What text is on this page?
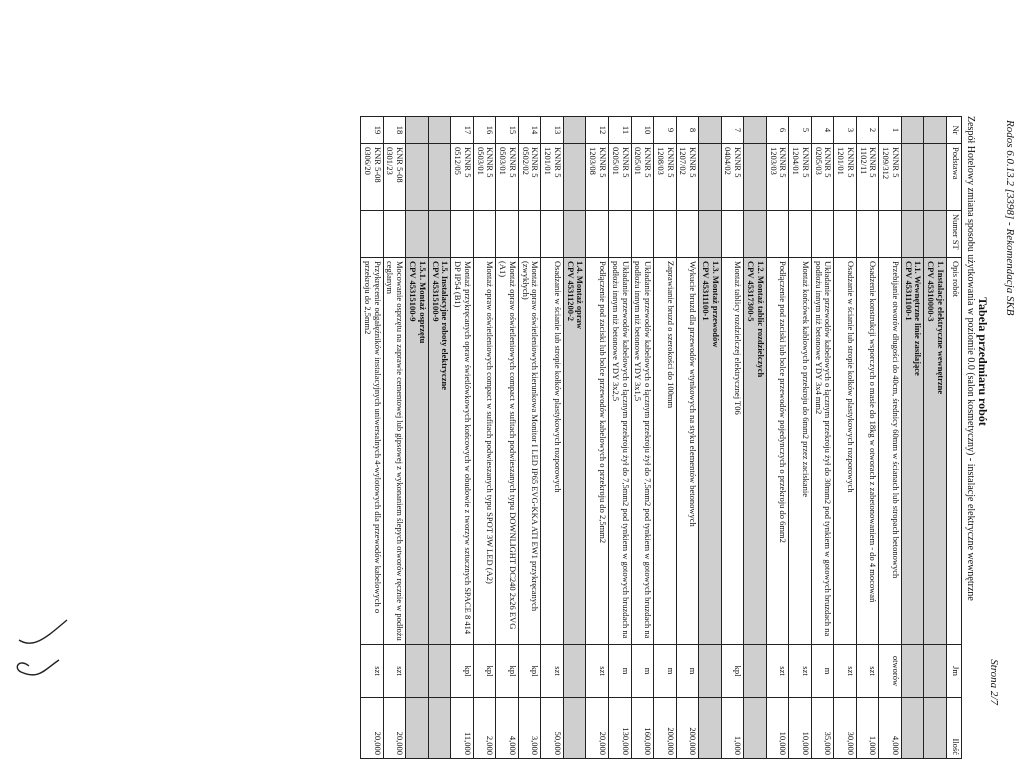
Rodos 6.0.13.2 [3398] - Rekomendacja SKB
Strona 2/7
Tabela przedmiaru robót
Zespół Hotelowy zmiana sposobu użytkowania w poziomie 0.0 (salon kosmetyczny) - instalacje elektryczne wewnętrzne
Nr	Podstawa	Numer ST	Opis robót	Jm	Ilość
			1. Instalacje elektryczne wewnętrzne
CPV 45310000-3		
			1.1. Wewnętrzne linie zasilające
CPV 45311100-1		
1	KNNR 5
1209/312		Przebijanie otworów długości do 40cm, średnicy 60mm w ścianach lub stropach betonowych	otworów	4,000
2	KNNR 5
1102/11		Osadzenie konstrukcji wsporczych o masie do 18kg w otworach z zabetonowaniem - do 4 mocowań	szt	1,000
3	KNNR 5
1201/01		Osadzanie w ścianie lub stropie kołków plastykowych rozporowych	szt	30,000
4	KNNR 5
0205/03		Układanie przewodów kabelowych o łącznym przekroju żył do 30mm2 pod tynkiem w gotowych bruzdach na podłożu innym niż betonowe YDY 3x4 mm2	m	35,000
5	KNNR 5
1204/01		Montaż końcówek kablowych o przekroju do 6mm2 przez zaciskanie	szt	10,000
6	KNNR 5
1203/03		Podłączenie pod zaciski lub bolce przewodów pojedynczych o przekroju do 6mm2	szt	10,000
			1.2. Montaż tablic rozdzielczych
CPV 45317300-5		
7	KNNR 5
0404/02		Montaż tablicy rozdzielczej elektrycznej T06	kpl	1,000
			1.3. Montaż przewodów
CPV 45311100-1		
8	KNNR 5
1207/02		Wykucie bruzd dla przewodów wtynkowych na styku elementów betonowych	m	200,000
9	KNNR 5
1208/03		Zaprawianie bruzd o szerokości do 100mm	m	200,000
10	KNNR 5
0205/01		Układanie przewodów kabelowych o łącznym przekroju żył do 7,5mm2 pod tynkiem w gotowych bruzdach na podłożu innym niż betonowe YDY 3x1,5	m	160,000
11	KNNR 5
0205/01		Układanie przewodów kabelowych o łącznym przekroju żył do 7,5mm2 pod tynkiem w gotowych bruzdach na podłożu innym niż betonowe YDY 3x2,5	m	130,000
12	KNNR 5
1203/08		Podłączenie pod zaciski lub bolce przewodów kabelowych o przekroju do 2,5mm2	szt	20,000
			1.4. Montaż opraw
CPV 45311200-2		
13	KNNR 5
1201/01		Osadzanie w ścianie lub stropie kołków plastykowych rozporowych	szt	50,000
14	KNNR 5
0502/02		Montaż opraw oświetleniowych kierunkowa Monitor I LED IP65 EVG-KKA ATI EW1 przykręcanych (zwykłych)	kpl	3,000
15	KNNR 5
0503/01		Montaż opraw oświetleniowych compact w sufitach podwieszanych typu DOWNLIGHT DC240 2x26 EVG (A1)	kpl	4,000
16	KNNR 5
0503/01		Montaż opraw oświetleniowych compact w sufitach podwieszanych typu SPOT 3W LED (A2)	kpl	2,000
17	KNNR 5
0512/05		Montaż przykręcanych opraw świetlówkowych końcowych w obudowie z tworzyw sztucznych SPACE 8 414 DP IP54 (B1)	kpl	11,000
			1.5. Instalacyjne roboty elektryczne
CPV 45315100-9		
			1.5.1. Montaż osprzętu
CPV 45315100-9		
18	KNR 5-08
0301/23		Mocowanie osprzętu na zaprawie cementowej lub gipsowej z wykonaniem ślepych otworów ręcznie w podłożu ceglanym	szt	20,000
19	KNR 5-08
0306/20		Przykręcenie odgałęźników instalacyjnych uniwersalnych 4-wylotowych dla przewodów kabelowych o przekroju do 2,5mm2	szt	20,000
